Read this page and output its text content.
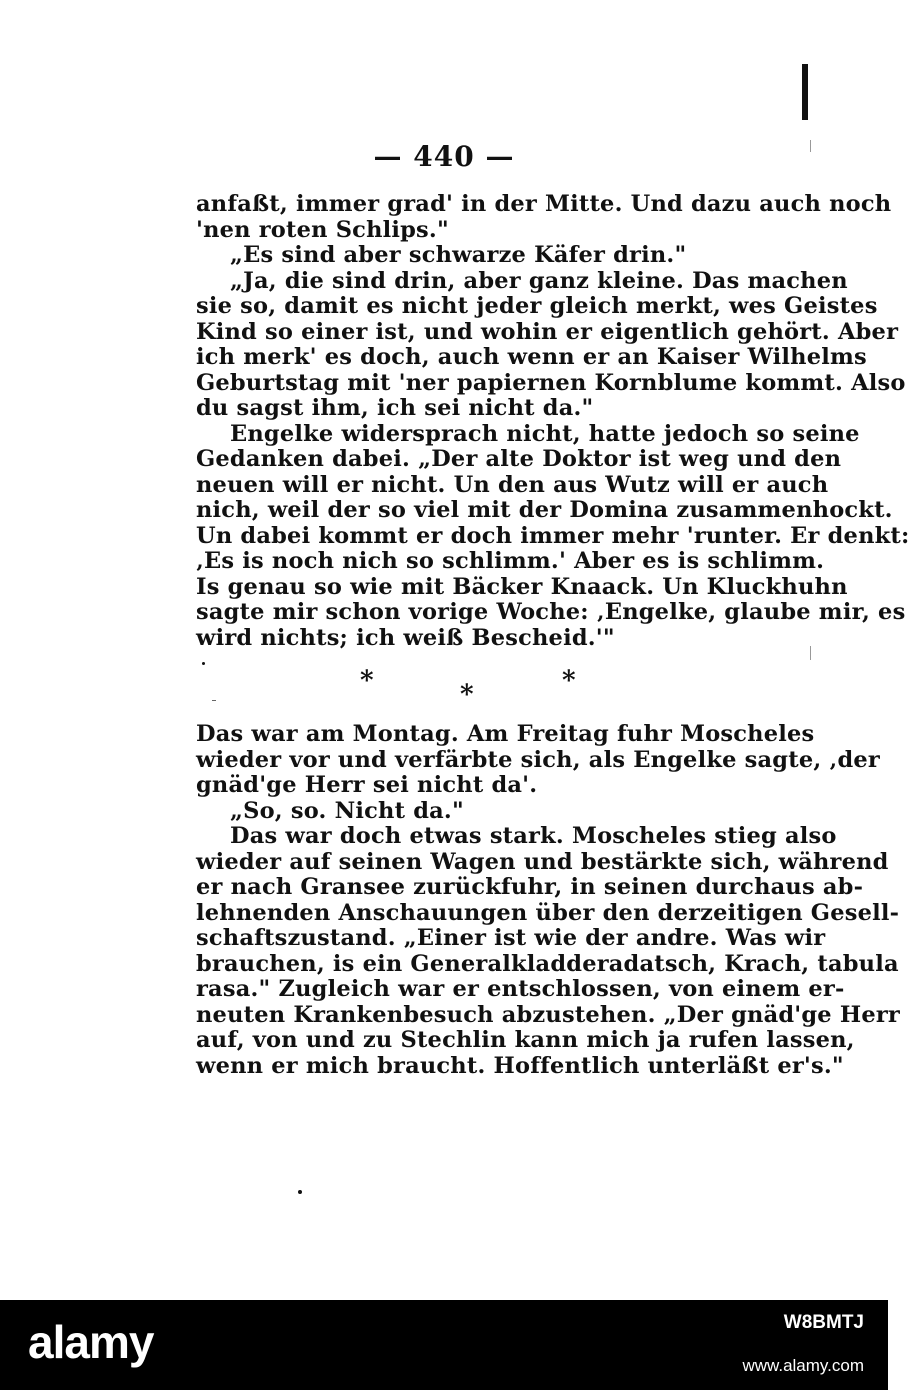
— 440 —
anfaßt, immer grad' in der Mitte. Und dazu auch noch
'nen roten Schlips."
„Es sind aber schwarze Käfer drin."
„Ja, die sind drin, aber ganz kleine. Das machen
sie so, damit es nicht jeder gleich merkt, wes Geistes
Kind so einer ist, und wohin er eigentlich gehört. Aber
ich merk' es doch, auch wenn er an Kaiser Wilhelms
Geburtstag mit 'ner papiernen Kornblume kommt. Also
du sagst ihm, ich sei nicht da."
Engelke widersprach nicht, hatte jedoch so seine
Gedanken dabei. „Der alte Doktor ist weg und den
neuen will er nicht. Un den aus Wutz will er auch
nich, weil der so viel mit der Domina zusammenhockt.
Un dabei kommt er doch immer mehr 'runter. Er denkt:
‚Es is noch nich so schlimm.' Aber es is schlimm.
Is genau so wie mit Bäcker Knaack. Un Kluckhuhn
sagte mir schon vorige Woche: ‚Engelke, glaube mir, es
wird nichts; ich weiß Bescheid.'"
*	*	*
Das war am Montag. Am Freitag fuhr Moscheles
wieder vor und verfärbte sich, als Engelke sagte, ‚der
gnäd'ge Herr sei nicht da'.
„So, so. Nicht da."
Das war doch etwas stark. Moscheles stieg also
wieder auf seinen Wagen und bestärkte sich, während
er nach Gransee zurückfuhr, in seinen durchaus ab-
lehnenden Anschauungen über den derzeitigen Gesell-
schaftszustand. „Einer ist wie der andre. Was wir
brauchen, is ein Generalkladderadatsch, Krach, tabula
rasa." Zugleich war er entschlossen, von einem er-
neuten Krankenbesuch abzustehen. „Der gnäd'ge Herr
auf, von und zu Stechlin kann mich ja rufen lassen,
wenn er mich braucht. Hoffentlich unterläßt er's."
alamy	W8BMTJ
www.alamy.com
